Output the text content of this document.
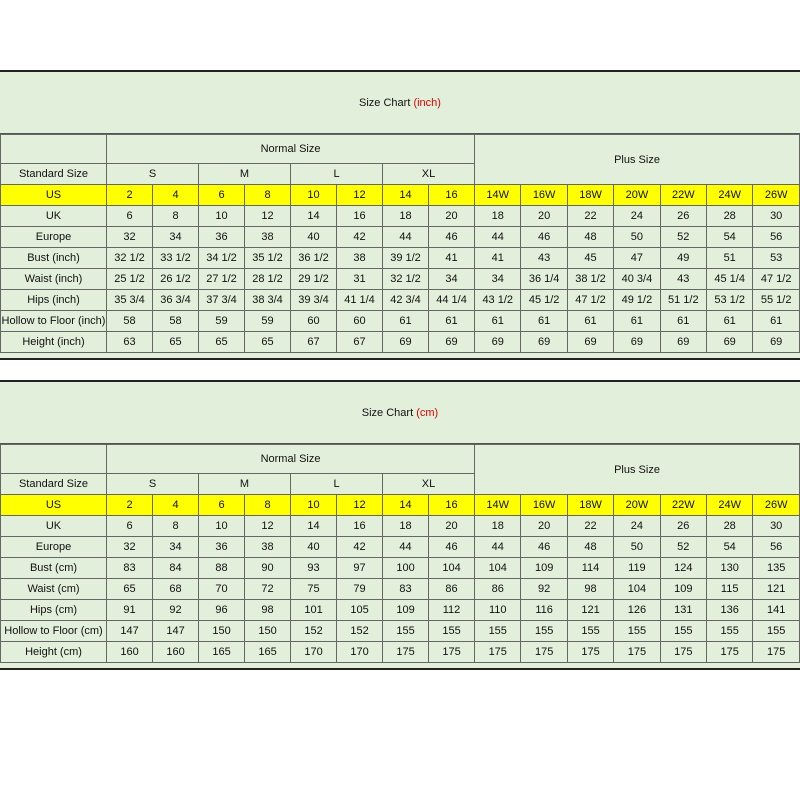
Size Chart
(inch)
	Normal Size								Plus Size						
Standard Size	S		M		L		XL								
US	2	4	6	8	10	12	14	16	14W	16W	18W	20W	22W	24W	26W
UK	6	8	10	12	14	16	18	20	18	20	22	24	26	28	30
Europe	32	34	36	38	40	42	44	46	44	46	48	50	52	54	56
Bust (inch)	32 1/2	33 1/2	34 1/2	35 1/2	36 1/2	38	39 1/2	41	41	43	45	47	49	51	53
Waist (inch)	25 1/2	26 1/2	27 1/2	28 1/2	29 1/2	31	32 1/2	34	34	36 1/4	38 1/2	40 3/4	43	45 1/4	47 1/2
Hips (inch)	35 3/4	36 3/4	37 3/4	38 3/4	39 3/4	41 1/4	42 3/4	44 1/4	43 1/2	45 1/2	47 1/2	49 1/2	51 1/2	53 1/2	55 1/2
Hollow to Floor (inch)	58	58	59	59	60	60	61	61	61	61	61	61	61	61	61
Height (inch)	63	65	65	65	67	67	69	69	69	69	69	69	69	69	69
Size Chart
(cm)
	Normal Size								Plus Size						
Standard Size	S		M		L		XL								
US	2	4	6	8	10	12	14	16	14W	16W	18W	20W	22W	24W	26W
UK	6	8	10	12	14	16	18	20	18	20	22	24	26	28	30
Europe	32	34	36	38	40	42	44	46	44	46	48	50	52	54	56
Bust (cm)	83	84	88	90	93	97	100	104	104	109	114	119	124	130	135
Waist (cm)	65	68	70	72	75	79	83	86	86	92	98	104	109	115	121
Hips (cm)	91	92	96	98	101	105	109	112	110	116	121	126	131	136	141
Hollow to Floor (cm)	147	147	150	150	152	152	155	155	155	155	155	155	155	155	155
Height (cm)	160	160	165	165	170	170	175	175	175	175	175	175	175	175	175
